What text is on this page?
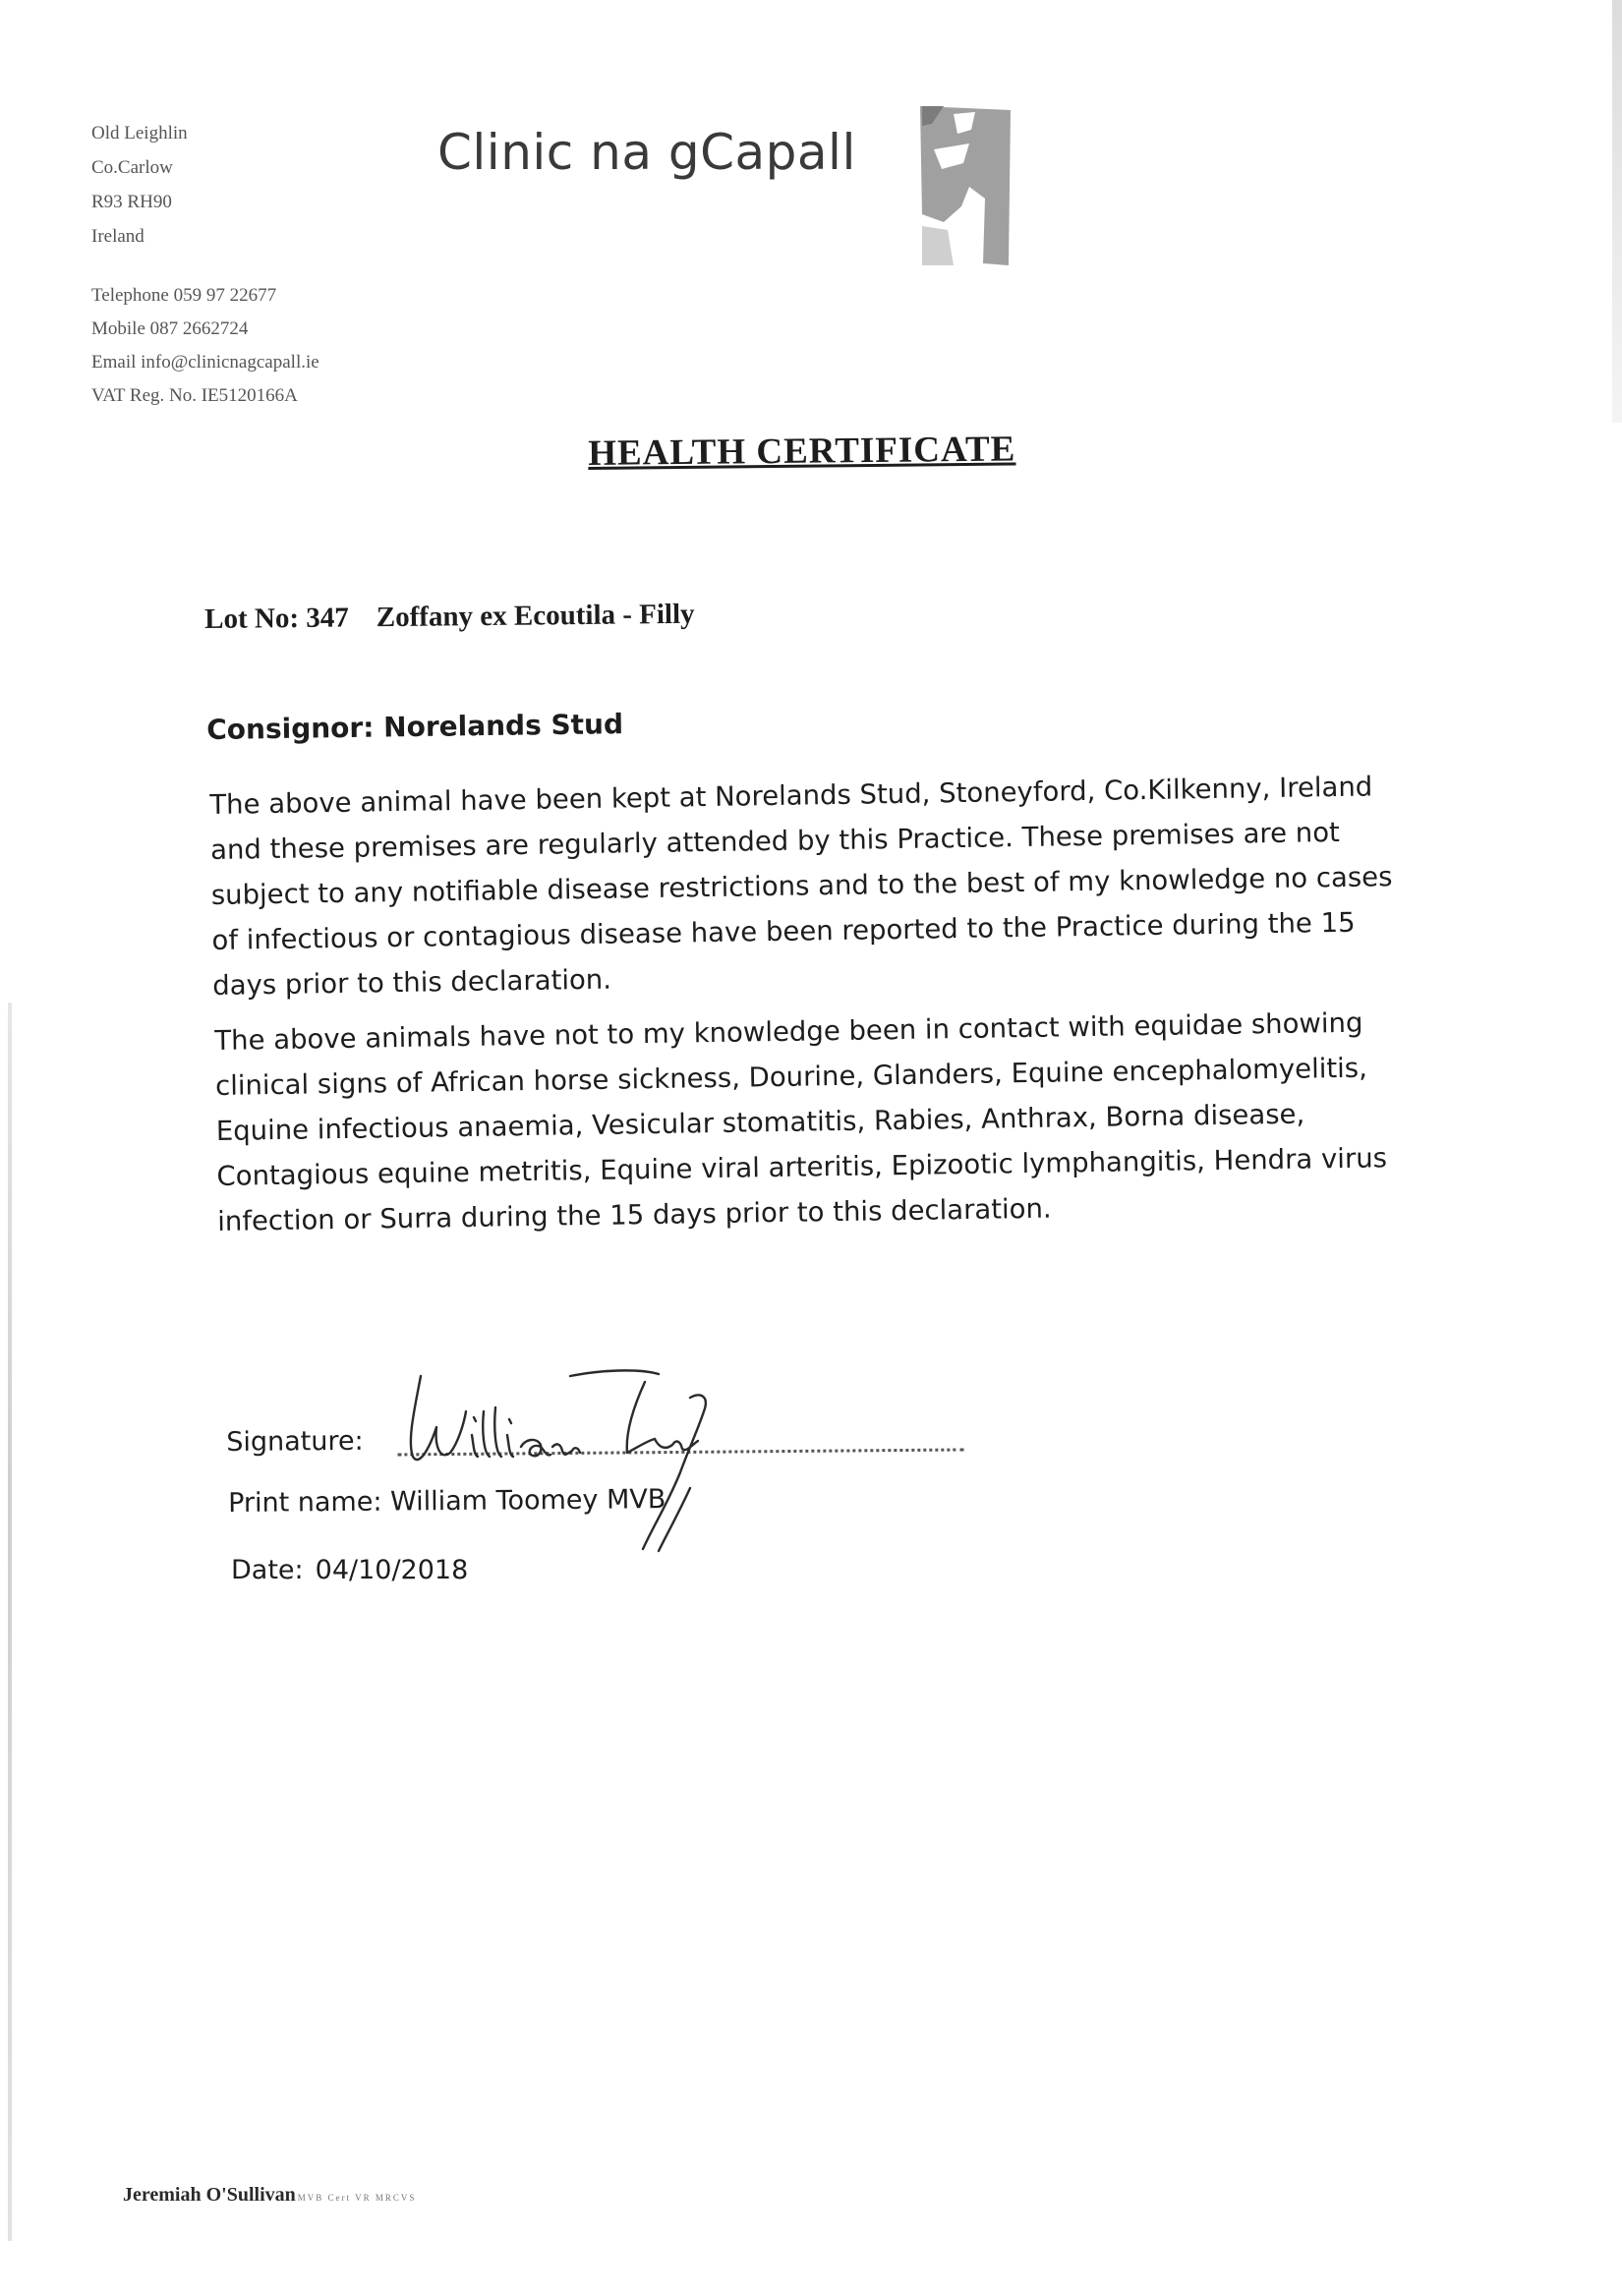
Old Leighlin
Co.Carlow
R93 RH90
Ireland
Telephone 059 97 22677
Mobile 087 2662724
Email info@clinicnagcapall.ie
VAT Reg. No. IE5120166A
Clinic na gCapall
HEALTH CERTIFICATE
Lot No: 347 Zoffany ex Ecoutila - Filly
Consignor: Norelands Stud
The above animal have been kept at Norelands Stud, Stoneyford, Co.Kilkenny, Ireland
and these premises are regularly attended by this Practice. These premises are not
subject to any notifiable disease restrictions and to the best of my knowledge no cases
of infectious or contagious disease have been reported to the Practice during the 15
days prior to this declaration.
The above animals have not to my knowledge been in contact with equidae showing
clinical signs of African horse sickness, Dourine, Glanders, Equine encephalomyelitis,
Equine infectious anaemia, Vesicular stomatitis, Rabies, Anthrax, Borna disease,
Contagious equine metritis, Equine viral arteritis, Epizootic lymphangitis, Hendra virus
infection or Surra during the 15 days prior to this declaration.
Signature:
Print name: William Toomey MVB
Date: 04/10/2018
Jeremiah O'Sullivan MVB Cert VR MRCVS
